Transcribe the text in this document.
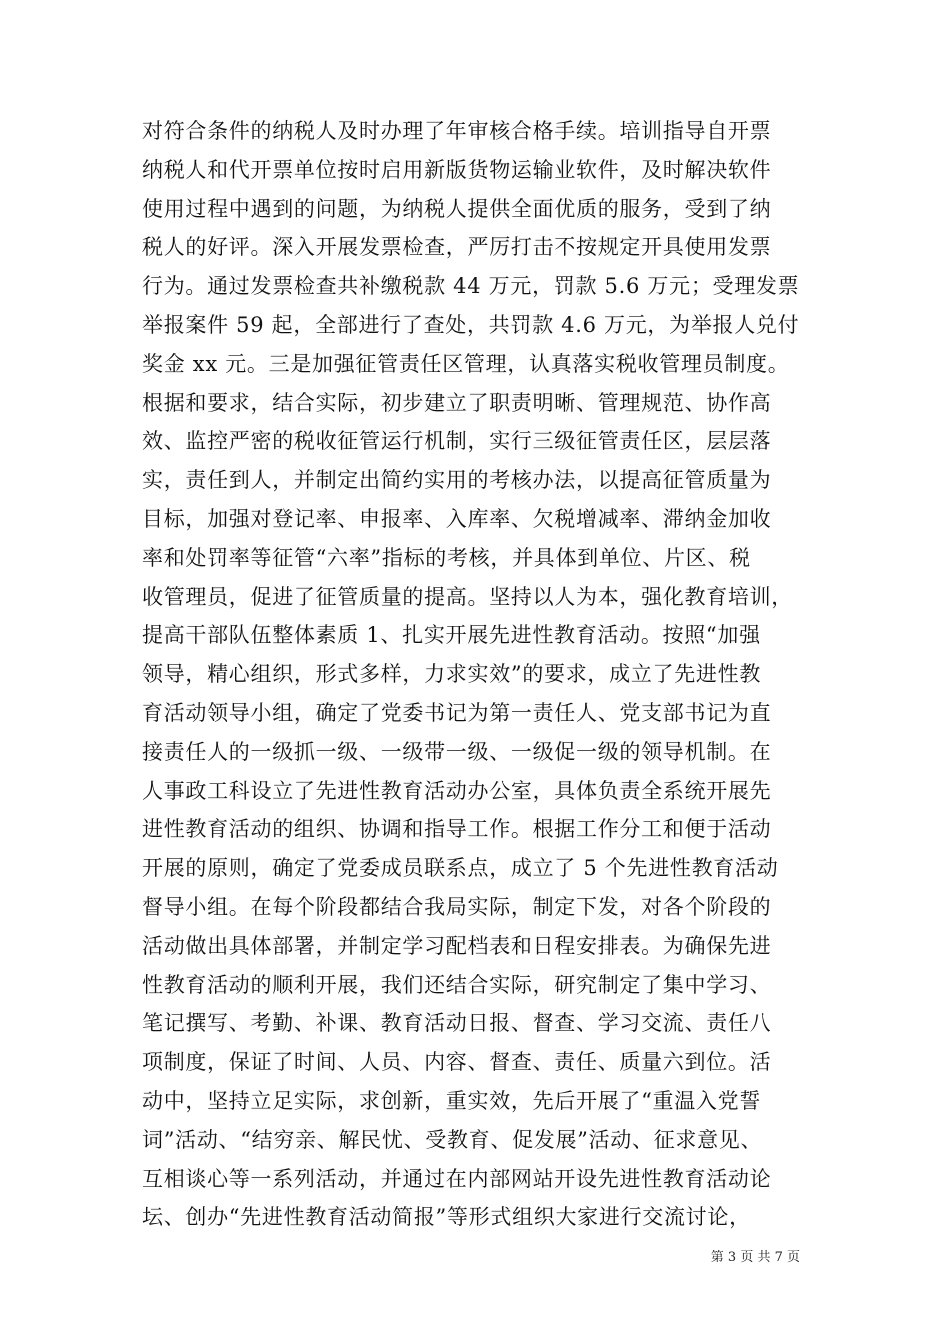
对符合条件的纳税人及时办理了年审核合格手续。培训指导自开票
纳税人和代开票单位按时启用新版货物运输业软件，及时解决软件
使用过程中遇到的问题，为纳税人提供全面优质的服务，受到了纳
税人的好评。深入开展发票检查，严厉打击不按规定开具使用发票
行为。通过发票检查共补缴税款 44 万元，罚款 5.6 万元；受理发票
举报案件 59 起，全部进行了查处，共罚款 4.6 万元，为举报人兑付
奖金 xx 元。三是加强征管责任区管理，认真落实税收管理员制度。
根据和要求，结合实际，初步建立了职责明晰、管理规范、协作高
效、监控严密的税收征管运行机制，实行三级征管责任区，层层落
实，责任到人，并制定出简约实用的考核办法，以提高征管质量为
目标，加强对登记率、申报率、入库率、欠税增减率、滞纳金加收
率和处罚率等征管“六率”指标的考核，并具体到单位、片区、税
收管理员，促进了征管质量的提高。坚持以人为本，强化教育培训，
提高干部队伍整体素质 1、扎实开展先进性教育活动。按照“加强
领导，精心组织，形式多样，力求实效”的要求，成立了先进性教
育活动领导小组，确定了党委书记为第一责任人、党支部书记为直
接责任人的一级抓一级、一级带一级、一级促一级的领导机制。在
人事政工科设立了先进性教育活动办公室，具体负责全系统开展先
进性教育活动的组织、协调和指导工作。根据工作分工和便于活动
开展的原则，确定了党委成员联系点，成立了 5 个先进性教育活动
督导小组。在每个阶段都结合我局实际，制定下发，对各个阶段的
活动做出具体部署，并制定学习配档表和日程安排表。为确保先进
性教育活动的顺利开展，我们还结合实际，研究制定了集中学习、
笔记撰写、考勤、补课、教育活动日报、督查、学习交流、责任八
项制度，保证了时间、人员、内容、督查、责任、质量六到位。活
动中，坚持立足实际，求创新，重实效，先后开展了“重温入党誓
词”活动、“结穷亲、解民忧、受教育、促发展”活动、征求意见、
互相谈心等一系列活动，并通过在内部网站开设先进性教育活动论
坛、创办“先进性教育活动简报”等形式组织大家进行交流讨论，
第 3 页 共 7 页
